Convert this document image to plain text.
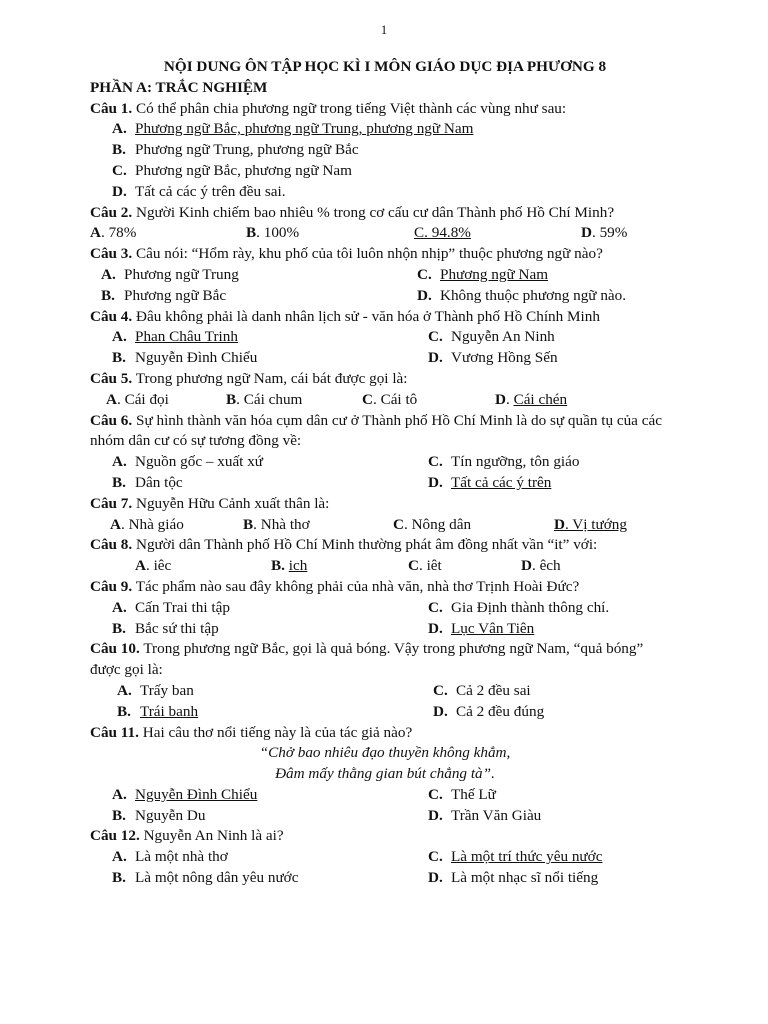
1
NỘI DUNG ÔN TẬP HỌC KÌ I MÔN GIÁO DỤC ĐỊA PHƯƠNG 8
PHẦN A: TRẮC NGHIỆM
Câu 1. Có thể phân chia phương ngữ trong tiếng Việt thành các vùng như sau:
A. Phương ngữ Bắc, phương ngữ Trung, phương ngữ Nam
B. Phương ngữ Trung, phương ngữ Bắc
C. Phương ngữ Bắc, phương ngữ Nam
D. Tất cả các ý trên đều sai.
Câu 2. Người Kinh chiếm bao nhiêu % trong cơ cấu cư dân Thành phố Hồ Chí Minh?
A. 78%	B. 100%	C. 94.8%	D. 59%
Câu 3. Câu nói: “Hổm rày, khu phố của tôi luôn nhộn nhịp” thuộc phương ngữ nào?
A. Phương ngữ Trung	C. Phương ngữ Nam
B. Phương ngữ Bắc	D. Không thuộc phương ngữ nào.
Câu 4. Đâu không phải là danh nhân lịch sử - văn hóa ở Thành phố Hồ Chính Minh
A. Phan Châu Trinh	C. Nguyễn An Ninh
B. Nguyễn Đình Chiểu	D. Vương Hồng Sến
Câu 5. Trong phương ngữ Nam, cái bát được gọi là:
A. Cái đọi	B. Cái chum	C. Cái tô	D. Cái chén
Câu 6. Sự hình thành văn hóa cụm dân cư ở Thành phố Hồ Chí Minh là do sự quần tụ của các nhóm dân cư có sự tương đồng về:
A. Nguồn gốc – xuất xứ	C. Tín ngưỡng, tôn giáo
B. Dân tộc	D. Tất cả các ý trên
Câu 7. Nguyễn Hữu Cảnh xuất thân là:
A. Nhà giáo	B. Nhà thơ	C. Nông dân	D. Vị tướng
Câu 8. Người dân Thành phố Hồ Chí Minh thường phát âm đồng nhất vần “it” với:
A. iêc	B. ich	C. iêt	D. êch
Câu 9. Tác phẩm nào sau đây không phải của nhà văn, nhà thơ Trịnh Hoài Đức?
A. Cấn Trai thi tập	C. Gia Định thành thông chí.
B. Bắc sứ thi tập	D. Lục Vân Tiên
Câu 10. Trong phương ngữ Bắc, gọi là quả bóng. Vậy trong phương ngữ Nam, “quả bóng” được gọi là:
A. Trấy ban	C. Cả 2 đều sai
B. Trái banh	D. Cả 2 đều đúng
Câu 11. Hai câu thơ nổi tiếng này là của tác giả nào?
“Chở bao nhiêu đạo thuyền không khẳm,
Đâm mấy thằng gian bút chẳng tà”.
A. Nguyễn Đình Chiểu	C. Thế Lữ
B. Nguyễn Du	D. Trần Văn Giàu
Câu 12. Nguyễn An Ninh là ai?
A. Là một nhà thơ	C. Là một trí thức yêu nước
B. Là một nông dân yêu nước	D. Là một nhạc sĩ nổi tiếng
